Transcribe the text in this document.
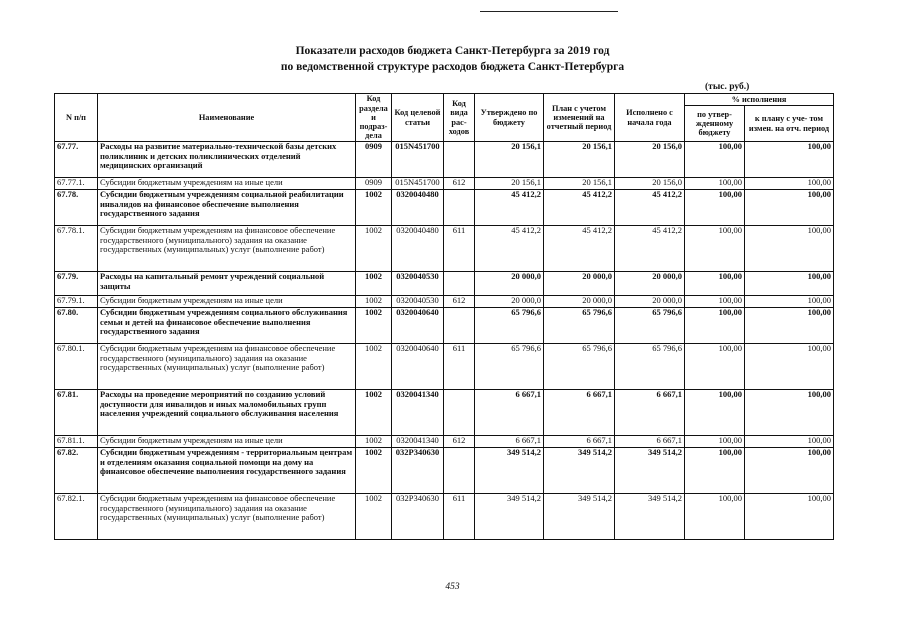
Показатели расходов бюджета Санкт-Петербурга за 2019 год
по ведомственной структуре расходов бюджета Санкт-Петербурга
(тыс. руб.)
N п/п	Наименование	Код раздела и подраз- дела	Код целевой статьи	Код вида рас- ходов	Утверждено по бюджету	План с учетом изменений на отчетный период	Исполнено с начала года	% исполнения	
								по утвер- жденному бюджету	к плану с уче- том измен. на отч. период
67.77.	Расходы на развитие материально-технической базы детских поликлиник и детских поликлинических отделений медицинских организаций	0909	015N451700		20 156,1	20 156,1	20 156,0	100,00	100,00
67.77.1.	Субсидии бюджетным учреждениям на иные цели	0909	015N451700	612	20 156,1	20 156,1	20 156,0	100,00	100,00
67.78.	Субсидии бюджетным учреждениям социальной реабилитации инвалидов на финансовое обеспечение выполнения государственного задания	1002	0320040480		45 412,2	45 412,2	45 412,2	100,00	100,00
67.78.1.	Субсидии бюджетным учреждениям на финансовое обеспечение государственного (муниципального) задания на оказание государственных (муниципальных) услуг (выполнение работ)	1002	0320040480	611	45 412,2	45 412,2	45 412,2	100,00	100,00
67.79.	Расходы на капитальный ремонт учреждений социальной защиты	1002	0320040530		20 000,0	20 000,0	20 000,0	100,00	100,00
67.79.1.	Субсидии бюджетным учреждениям на иные цели	1002	0320040530	612	20 000,0	20 000,0	20 000,0	100,00	100,00
67.80.	Субсидии бюджетным учреждениям социального обслуживания семьи и детей на финансовое обеспечение выполнения государственного задания	1002	0320040640		65 796,6	65 796,6	65 796,6	100,00	100,00
67.80.1.	Субсидии бюджетным учреждениям на финансовое обеспечение государственного (муниципального) задания на оказание государственных (муниципальных) услуг (выполнение работ)	1002	0320040640	611	65 796,6	65 796,6	65 796,6	100,00	100,00
67.81.	Расходы на проведение мероприятий по созданию условий доступности для инвалидов и иных маломобильных групп населения учреждений социального обслуживания населения	1002	0320041340		6 667,1	6 667,1	6 667,1	100,00	100,00
67.81.1.	Субсидии бюджетным учреждениям на иные цели	1002	0320041340	612	6 667,1	6 667,1	6 667,1	100,00	100,00
67.82.	Субсидии бюджетным учреждениям - территориальным центрам и отделениям оказания социальной помощи на дому на финансовое обеспечение выполнения государственного задания	1002	032P340630		349 514,2	349 514,2	349 514,2	100,00	100,00
67.82.1.	Субсидии бюджетным учреждениям на финансовое обеспечение государственного (муниципального) задания на оказание государственных (муниципальных) услуг (выполнение работ)	1002	032P340630	611	349 514,2	349 514,2	349 514,2	100,00	100,00
453
